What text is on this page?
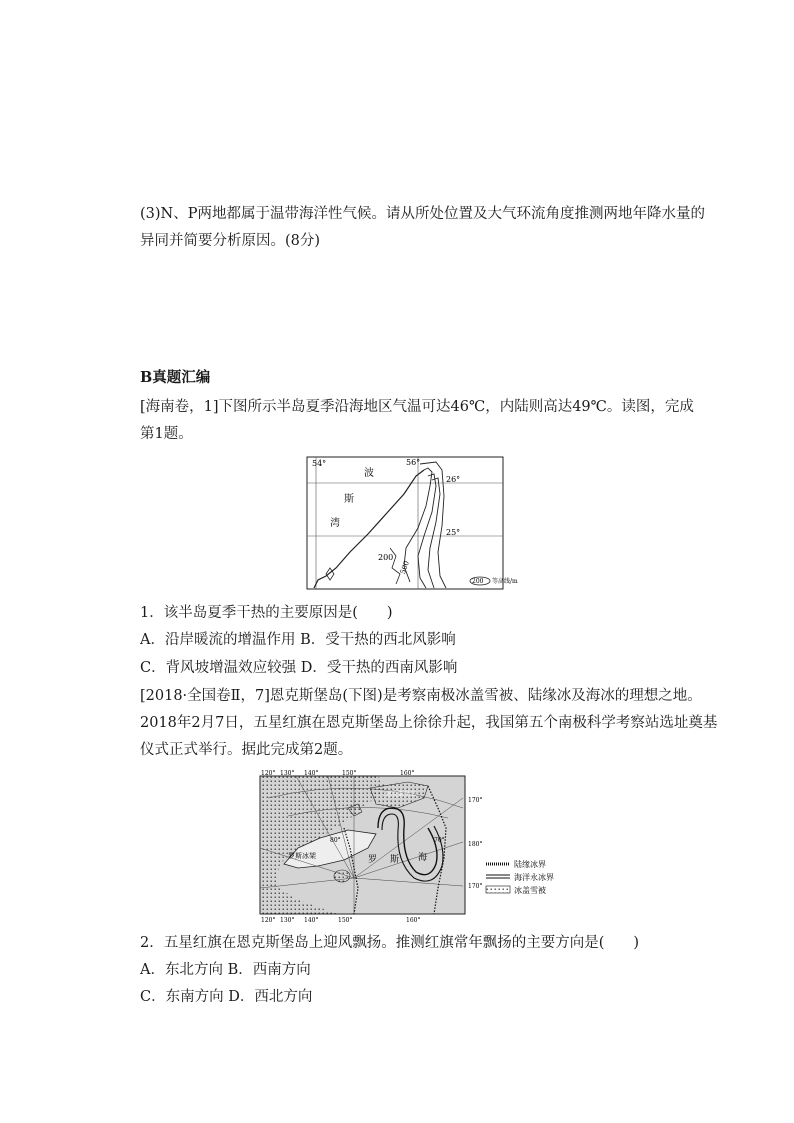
(3)N、P两地都属于温带海洋性气候。请从所处位置及大气环流角度推测两地年降水量的
异同并简要分析原因。(8分)
B真题汇编
[海南卷，1]下图所示半岛夏季沿海地区气温可达46℃，内陆则高达49℃。读图，完成
第1题。
54°	56°
26°
25°
波
斯
湾
200
500
200 等高线/m
1．该半岛夏季干热的主要原因是(　　)
A．沿岸暖流的增温作用 B．受干热的西北风影响
C．背风坡增温效应较强 D．受干热的西南风影响
[2018·全国卷Ⅱ，7]恩克斯堡岛(下图)是考察南极冰盖雪被、陆缘冰及海冰的理想之地。
2018年2月7日，五星红旗在恩克斯堡岛上徐徐升起，我国第五个南极科学考察站选址奠基
仪式正式举行。据此完成第2题。
120° 130° 140°	150°	160°
120° 130° 140°	150°	160°
170°
180°
170°
80°	70°
恩克斯堡岛
罗斯冰架	罗 斯 海
陆缘冰界
海洋永冰界
冰盖雪被
2．五星红旗在恩克斯堡岛上迎风飘扬。推测红旗常年飘扬的主要方向是(　　)
A．东北方向 B．西南方向
C．东南方向 D．西北方向
